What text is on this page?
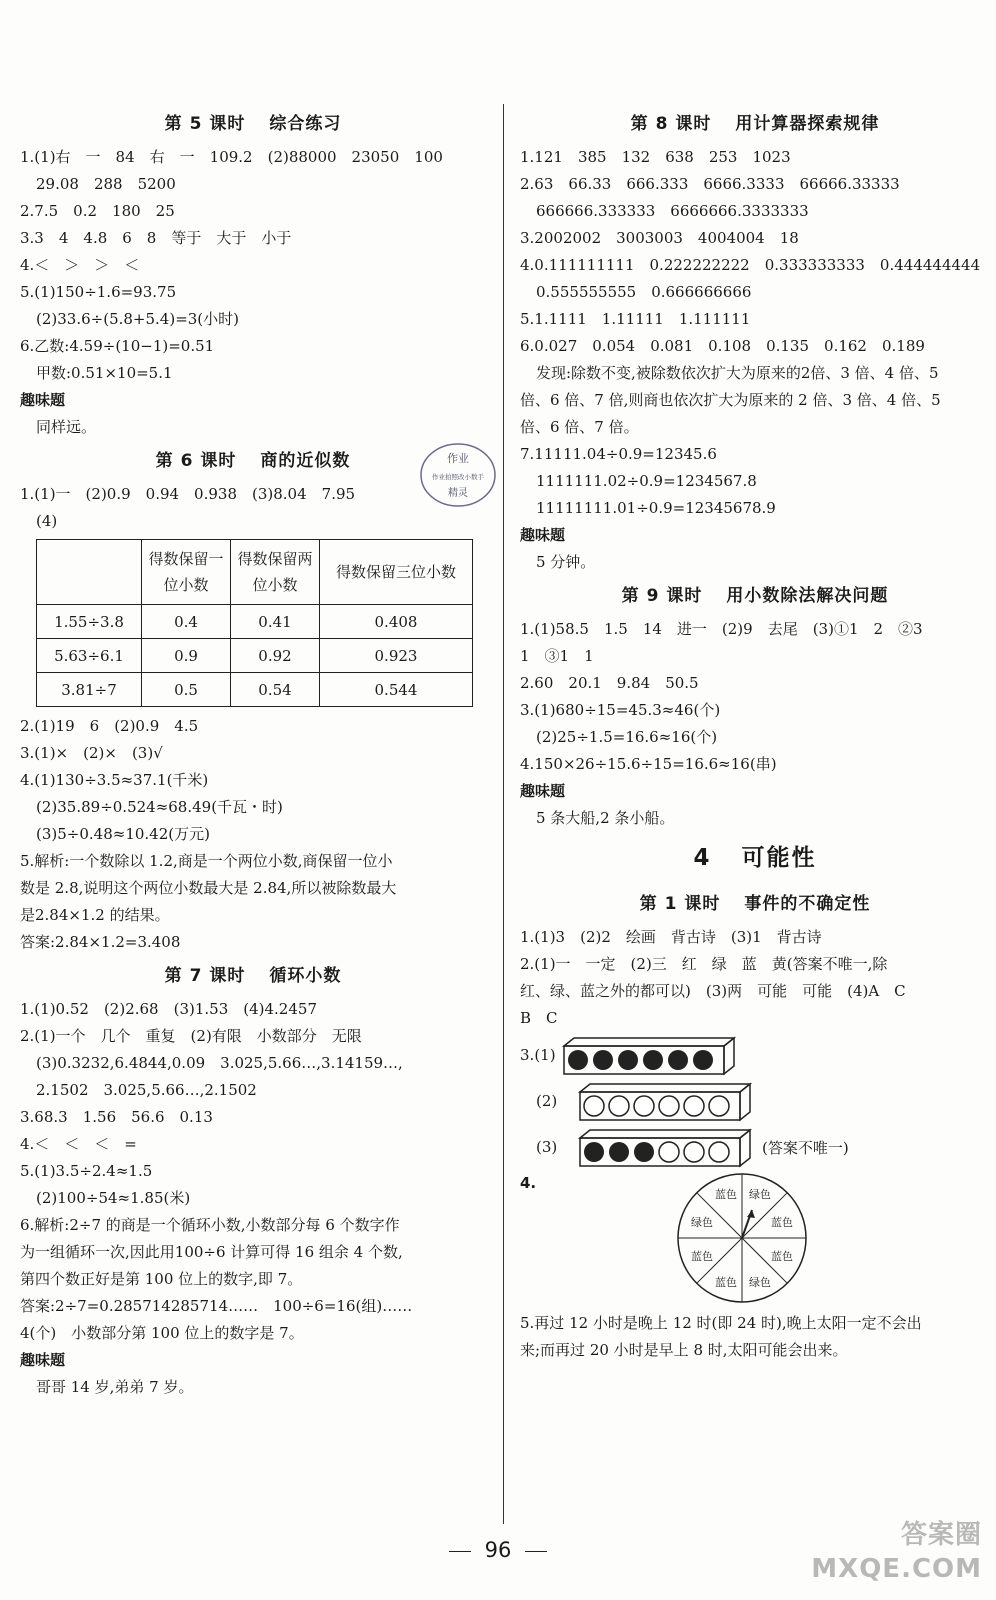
第 5 课时 综合练习
1.(1)右　一　84　右　一　109.2　(2)88000　23050　100
29.08　288　5200
2.7.5　0.2　180　25
3.3　4　4.8　6　8　等于　大于　小于
4.＜　＞　＞　＜
5.(1)150÷1.6=93.75
(2)33.6÷(5.8+5.4)=3(小时)
6.乙数:4.59÷(10−1)=0.51
甲数:0.51×10=5.1
趣味题
同样远。
第 6 课时 商的近似数
1.(1)一　(2)0.9　0.94　0.938　(3)8.04　7.95
(4)
	得数保留一位小数	得数保留两位小数	得数保留三位小数
1.55÷3.8	0.4	0.41	0.408
5.63÷6.1	0.9	0.92	0.923
3.81÷7	0.5	0.54	0.544
2.(1)19　6　(2)0.9　4.5
3.(1)×　(2)×　(3)√
4.(1)130÷3.5≈37.1(千米)
(2)35.89÷0.524≈68.49(千瓦・时)
(3)5÷0.48≈10.42(万元)
5.解析:一个数除以 1.2,商是一个两位小数,商保留一位小
数是 2.8,说明这个两位小数最大是 2.84,所以被除数最大
是2.84×1.2 的结果。
答案:2.84×1.2=3.408
第 7 课时 循环小数
1.(1)0.52　(2)2.68　(3)1.53　(4)4.2457
2.(1)一个　几个　重复　(2)有限　小数部分　无限
(3)0.3232,6.4844,0.09　3.025,5.66…,3.14159…,
2.1502　3.025,5.66…,2.1502
3.68.3　1.56　56.6　0.13
4.＜　＜　＜　=
5.(1)3.5÷2.4≈1.5
(2)100÷54≈1.85(米)
6.解析:2÷7 的商是一个循环小数,小数部分每 6 个数字作
为一组循环一次,因此用100÷6 计算可得 16 组余 4 个数,
第四个数正好是第 100 位上的数字,即 7。
答案:2÷7=0.285714285714……　100÷6=16(组)……
4(个)　小数部分第 100 位上的数字是 7。
趣味题
哥哥 14 岁,弟弟 7 岁。
作业
作业拍照改小数手
精灵
第 8 课时 用计算器探索规律
1.121　385　132　638　253　1023
2.63　66.33　666.333　6666.3333　66666.33333
666666.333333　6666666.3333333
3.2002002　3003003　4004004　18
4.0.111111111　0.222222222　0.333333333　0.444444444
0.555555555　0.666666666
5.1.1111　1.11111　1.111111
6.0.027　0.054　0.081　0.108　0.135　0.162　0.189
发现:除数不变,被除数依次扩大为原来的2倍、3 倍、4 倍、5
倍、6 倍、7 倍,则商也依次扩大为原来的 2 倍、3 倍、4 倍、5
倍、6 倍、7 倍。
7.11111.04÷0.9=12345.6
1111111.02÷0.9=1234567.8
11111111.01÷0.9=12345678.9
趣味题
5 分钟。
第 9 课时 用小数除法解决问题
1.(1)58.5　1.5　14　进一　(2)9　去尾　(3)①1　2　②3
1　③1　1
2.60　20.1　9.84　50.5
3.(1)680÷15=45.3≈46(个)
(2)25÷1.5=16.6≈16(个)
4.150×26÷15.6÷15=16.6≈16(串)
趣味题
5 条大船,2 条小船。
4 可能性
第 1 课时 事件的不确定性
1.(1)3　(2)2　绘画　背古诗　(3)1　背古诗
2.(1)一　一定　(2)三　红　绿　蓝　黄(答案不唯一,除
红、绿、蓝之外的都可以)　(3)两　可能　可能　(4)A　C
B　C
3.(1)
(2)
(3)	(答案不唯一)
4.
蓝色 绿色
蓝色
蓝色
绿色
蓝色
蓝色
绿色
5.再过 12 小时是晚上 12 时(即 24 时),晚上太阳一定不会出
来;而再过 20 小时是早上 8 时,太阳可能会出来。
96	答案圈
MXQE.COM
